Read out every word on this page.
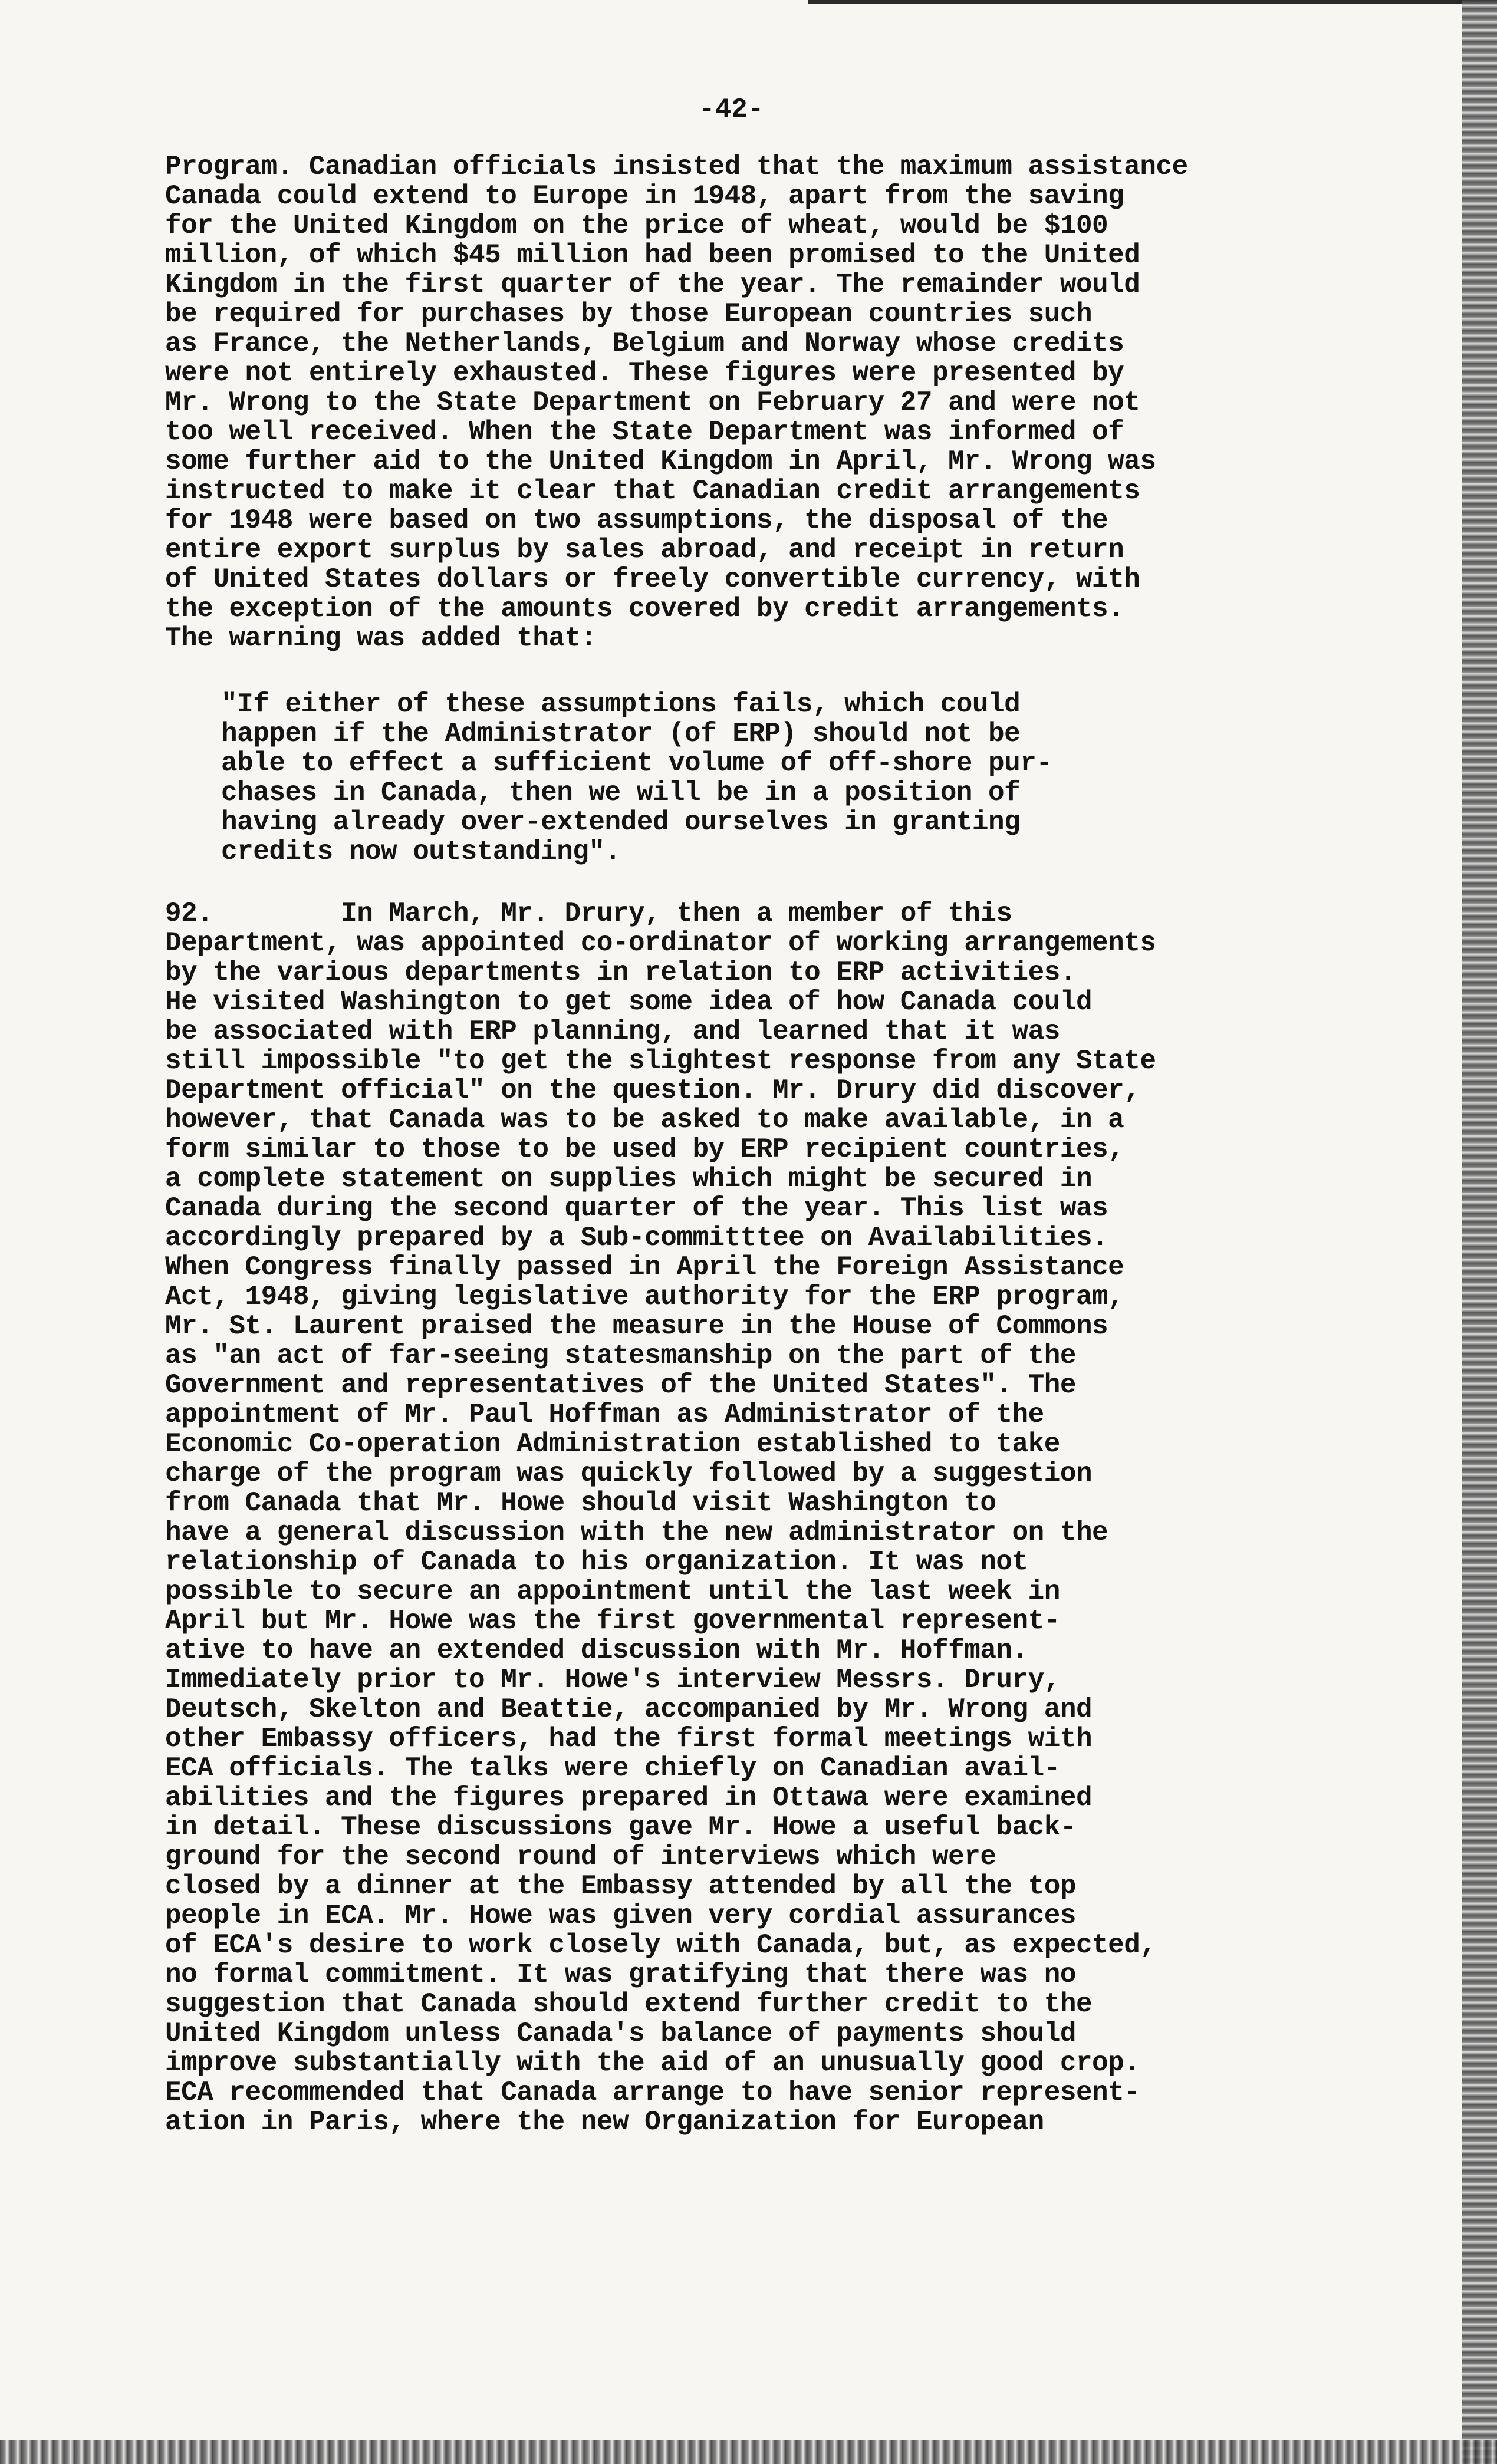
-42-
Program. Canadian officials insisted that the maximum assistance
Canada could extend to Europe in 1948, apart from the saving
for the United Kingdom on the price of wheat, would be $100
million, of which $45 million had been promised to the United
Kingdom in the first quarter of the year. The remainder would
be required for purchases by those European countries such
as France, the Netherlands, Belgium and Norway whose credits
were not entirely exhausted. These figures were presented by
Mr. Wrong to the State Department on February 27 and were not
too well received. When the State Department was informed of
some further aid to the United Kingdom in April, Mr. Wrong was
instructed to make it clear that Canadian credit arrangements
for 1948 were based on two assumptions, the disposal of the
entire export surplus by sales abroad, and receipt in return
of United States dollars or freely convertible currency, with
the exception of the amounts covered by credit arrangements.
The warning was added that:
"If either of these assumptions fails, which could
happen if the Administrator (of ERP) should not be
able to effect a sufficient volume of off-shore pur-
chases in Canada, then we will be in a position of
having already over-extended ourselves in granting
credits now outstanding".
92.        In March, Mr. Drury, then a member of this
Department, was appointed co-ordinator of working arrangements
by the various departments in relation to ERP activities.
He visited Washington to get some idea of how Canada could
be associated with ERP planning, and learned that it was
still impossible "to get the slightest response from any State
Department official" on the question. Mr. Drury did discover,
however, that Canada was to be asked to make available, in a
form similar to those to be used by ERP recipient countries,
a complete statement on supplies which might be secured in
Canada during the second quarter of the year. This list was
accordingly prepared by a Sub-committtee on Availabilities.
When Congress finally passed in April the Foreign Assistance
Act, 1948, giving legislative authority for the ERP program,
Mr. St. Laurent praised the measure in the House of Commons
as "an act of far-seeing statesmanship on the part of the
Government and representatives of the United States". The
appointment of Mr. Paul Hoffman as Administrator of the
Economic Co-operation Administration established to take
charge of the program was quickly followed by a suggestion
from Canada that Mr. Howe should visit Washington to
have a general discussion with the new administrator on the
relationship of Canada to his organization. It was not
possible to secure an appointment until the last week in
April but Mr. Howe was the first governmental represent-
ative to have an extended discussion with Mr. Hoffman.
Immediately prior to Mr. Howe's interview Messrs. Drury,
Deutsch, Skelton and Beattie, accompanied by Mr. Wrong and
other Embassy officers, had the first formal meetings with
ECA officials. The talks were chiefly on Canadian avail-
abilities and the figures prepared in Ottawa were examined
in detail. These discussions gave Mr. Howe a useful back-
ground for the second round of interviews which were
closed by a dinner at the Embassy attended by all the top
people in ECA. Mr. Howe was given very cordial assurances
of ECA's desire to work closely with Canada, but, as expected,
no formal commitment. It was gratifying that there was no
suggestion that Canada should extend further credit to the
United Kingdom unless Canada's balance of payments should
improve substantially with the aid of an unusually good crop.
ECA recommended that Canada arrange to have senior represent-
ation in Paris, where the new Organization for European
